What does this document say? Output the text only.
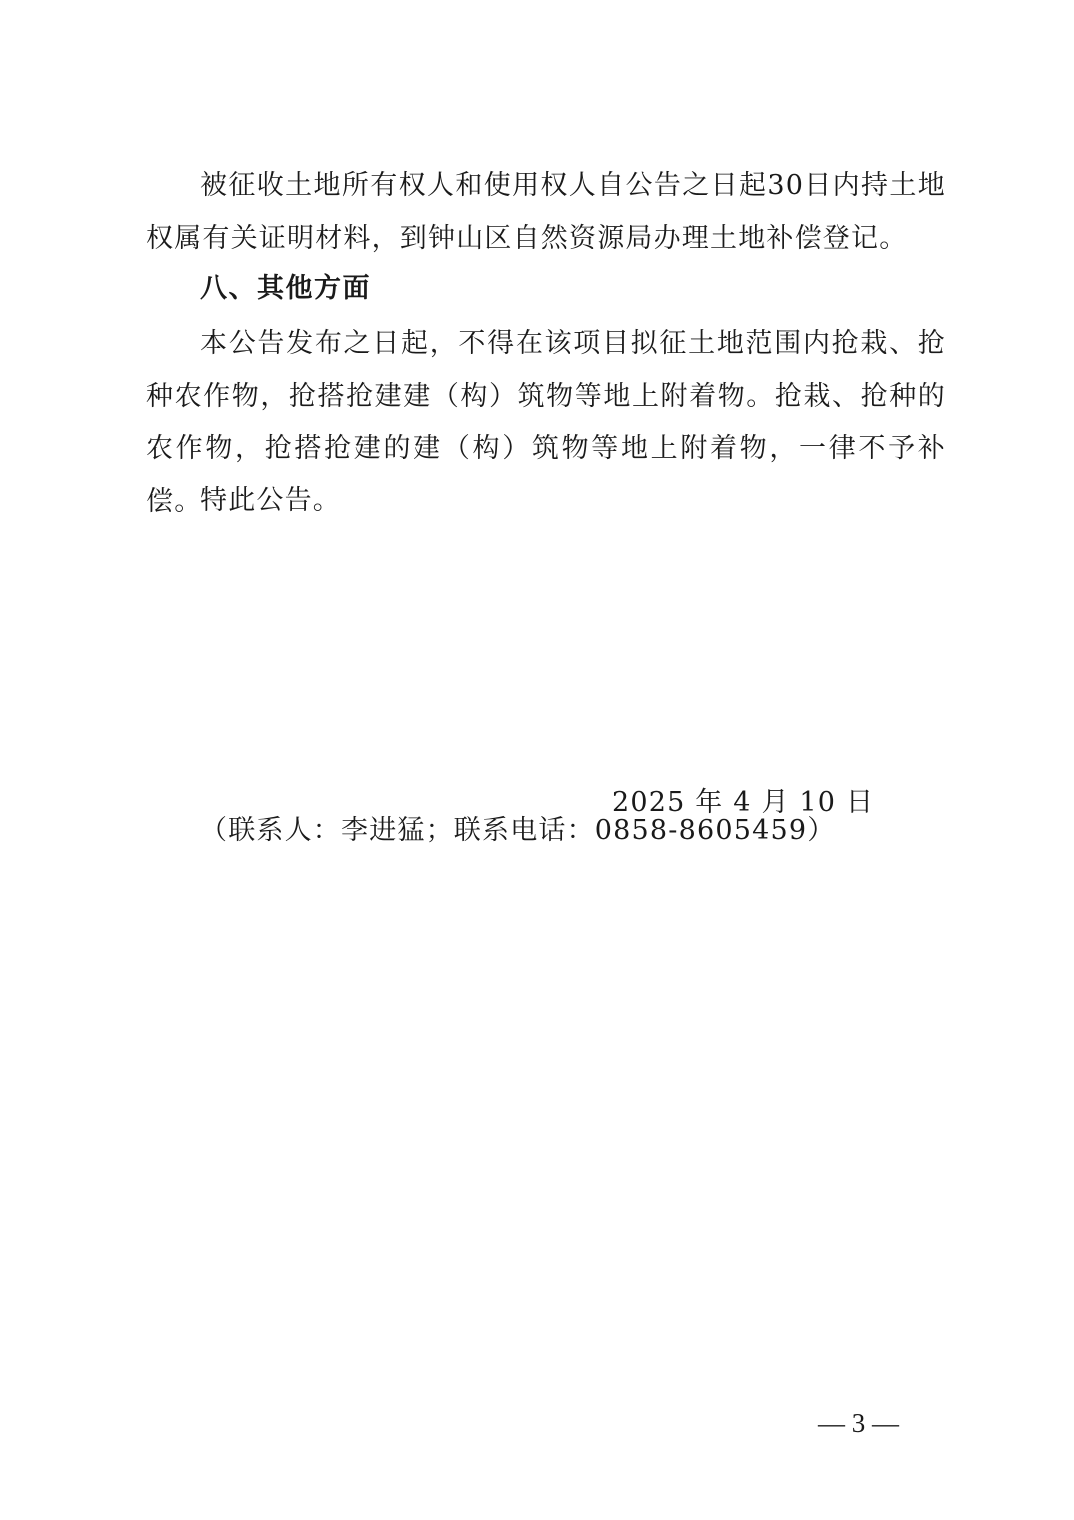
被征收土地所有权人和使用权人自公告之日起30日内持土地权属有关证明材料，到钟山区自然资源局办理土地补偿登记。

八、其他方面

本公告发布之日起，不得在该项目拟征土地范围内抢栽、抢种农作物，抢搭抢建建（构）筑物等地上附着物。抢栽、抢种的农作物，抢搭抢建的建（构）筑物等地上附着物，一律不予补偿。

特此公告。

2025 年 4 月 10 日

（联系人：李进猛；联系电话：0858-8605459）

— 3 —
